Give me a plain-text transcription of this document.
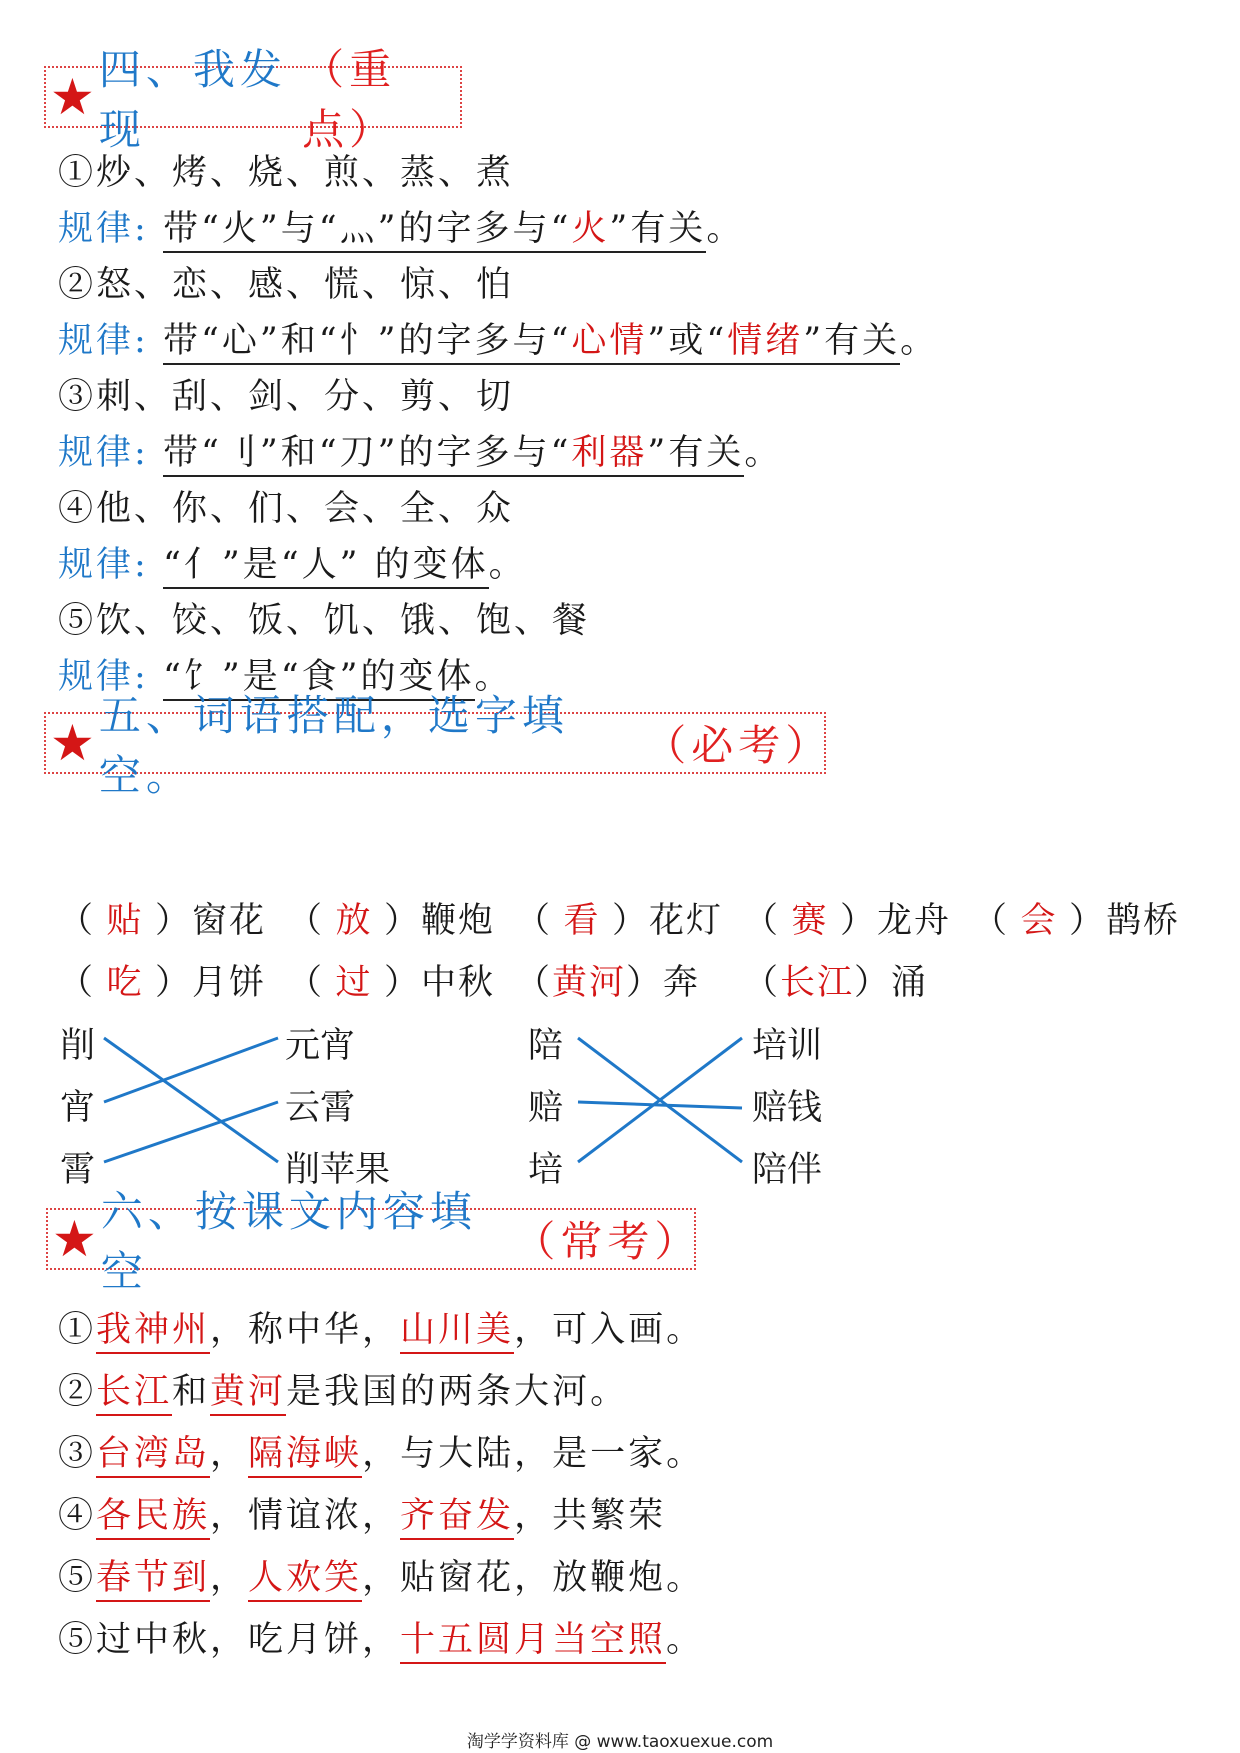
★ 四、我发现
（重点）
①炒、烤、烧、煎、蒸、煮
规律: 带“火”与“灬”的字多与“火”有关。
②怒、恋、感、慌、惊、怕
规律: 带“心”和“忄”的字多与“心情”或“情绪”有关。
③刺、刮、剑、分、剪、切
规律: 带“刂”和“刀”的字多与“利器”有关。
④他、你、们、会、全、众
规律: “亻”是“人” 的变体。
⑤饮、饺、饭、饥、饿、饱、餐
规律: “饣”是“食”的变体。
★ 五、词语搭配，选字填空。
（必考）
（ 贴 ）窗花 （ 放 ）鞭炮 （ 看 ）花灯 （ 赛 ）龙舟 （ 会 ）鹊桥
（ 吃 ）月饼 （ 过 ）中秋 （黄河）奔 （长江）涌
削
宵
霄
元宵
云霄
削苹果
陪
赔
培
培训
赔钱
陪伴
★ 六、按课文内容填空
（常考）
①我神州，称中华，山川美，可入画。
②长江和黄河是我国的两条大河。
③台湾岛，隔海峡，与大陆，是一家。
④各民族，情谊浓，齐奋发，共繁荣
⑤春节到，人欢笑，贴窗花，放鞭炮。
⑤过中秋，吃月饼，十五圆月当空照。
淘学学资料库 @ www.taoxuexue.com
